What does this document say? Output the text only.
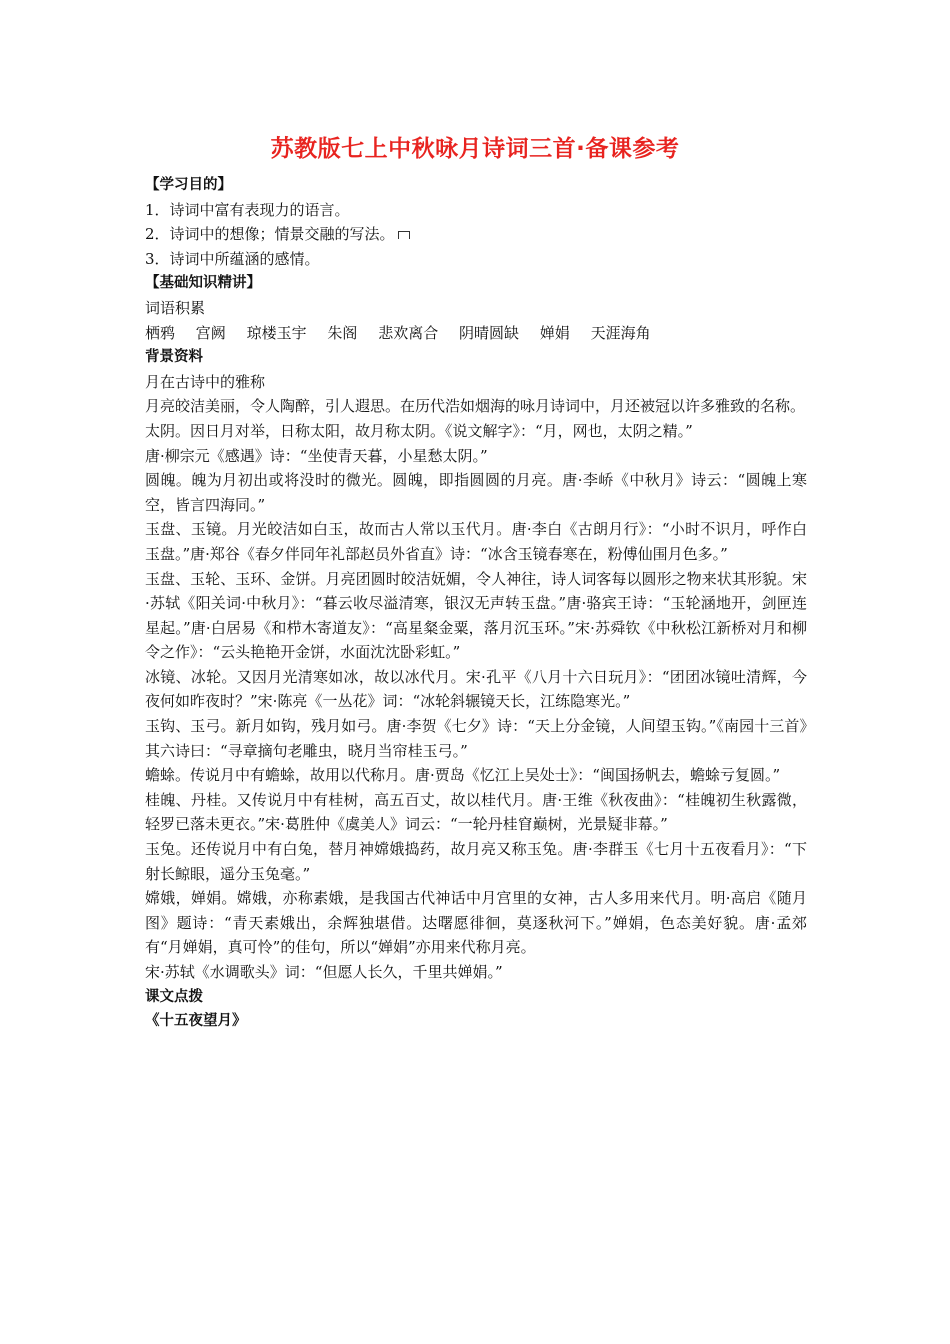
苏教版七上中秋咏月诗词三首·备课参考
【学习目的】
1．诗词中富有表现力的语言。
2．诗词中的想像；情景交融的写法。
3．诗词中所蕴涵的感情。
【基础知识精讲】
词语积累
栖鸦 宫阙 琼楼玉宇 朱阁 悲欢离合 阴晴圆缺 婵娟 天涯海角
背景资料
月在古诗中的雅称
月亮皎洁美丽，令人陶醉，引人遐思。在历代浩如烟海的咏月诗词中，月还被冠以许多雅致的名称。
太阴。因日月对举，日称太阳，故月称太阴。《说文解字》：“月，网也，太阴之精。”
唐·柳宗元《感遇》诗：“坐使青天暮，小星愁太阴。”
圆魄。魄为月初出或将没时的微光。圆魄，即指圆圆的月亮。唐·李峤《中秋月》诗云：“圆魄上寒空，皆言四海同。”
玉盘、玉镜。月光皎洁如白玉，故而古人常以玉代月。唐·李白《古朗月行》：“小时不识月，呼作白玉盘。”唐·郑谷《春夕伴同年礼部赵员外省直》诗：“冰含玉镜春寒在，粉傅仙围月色多。”
玉盘、玉轮、玉环、金饼。月亮团圆时皎洁妩媚，令人神往，诗人词客每以圆形之物来状其形貌。宋·苏轼《阳关词·中秋月》：“暮云收尽溢清寒，银汉无声转玉盘。”唐·骆宾王诗：“玉轮涵地开，剑匣连星起。”唐·白居易《和栉木寄道友》：“高星粲金粟，落月沉玉环。”宋·苏舜钦《中秋松江新桥对月和柳令之作》：“云头艳艳开金饼，水面沈沈卧彩虹。”
冰镜、冰轮。又因月光清寒如冰，故以冰代月。宋·孔平《八月十六日玩月》：“团团冰镜吐清辉，今夜何如昨夜时？”宋·陈亮《一丛花》词：“冰轮斜辗镜天长，江练隐寒光。”
玉钩、玉弓。新月如钩，残月如弓。唐·李贺《七夕》诗：“天上分金镜，人间望玉钩。”《南园十三首》其六诗曰：“寻章摘句老雕虫，晓月当帘桂玉弓。”
蟾蜍。传说月中有蟾蜍，故用以代称月。唐·贾岛《忆江上吴处士》：“闽国扬帆去，蟾蜍亏复圆。”
桂魄、丹桂。又传说月中有桂树，高五百丈，故以桂代月。唐·王维《秋夜曲》：“桂魄初生秋露微，轻罗已落未更衣。”宋·葛胜仲《虞美人》词云：“一轮丹桂窅巅树，光景疑非幕。”
玉兔。还传说月中有白兔，替月神嫦娥捣药，故月亮又称玉兔。唐·李群玉《七月十五夜看月》：“下射长鲸眼，遥分玉兔毫。”
嫦娥，婵娟。嫦娥，亦称素娥，是我国古代神话中月宫里的女神，古人多用来代月。明·高启《随月图》题诗：“青天素娥出，余辉独堪借。达曙愿徘徊，莫逐秋河下。”婵娟，色态美好貌。唐·孟郊有“月婵娟，真可怜”的佳句，所以“婵娟”亦用来代称月亮。
宋·苏轼《水调歌头》词：“但愿人长久，千里共婵娟。”
课文点拨
《十五夜望月》
